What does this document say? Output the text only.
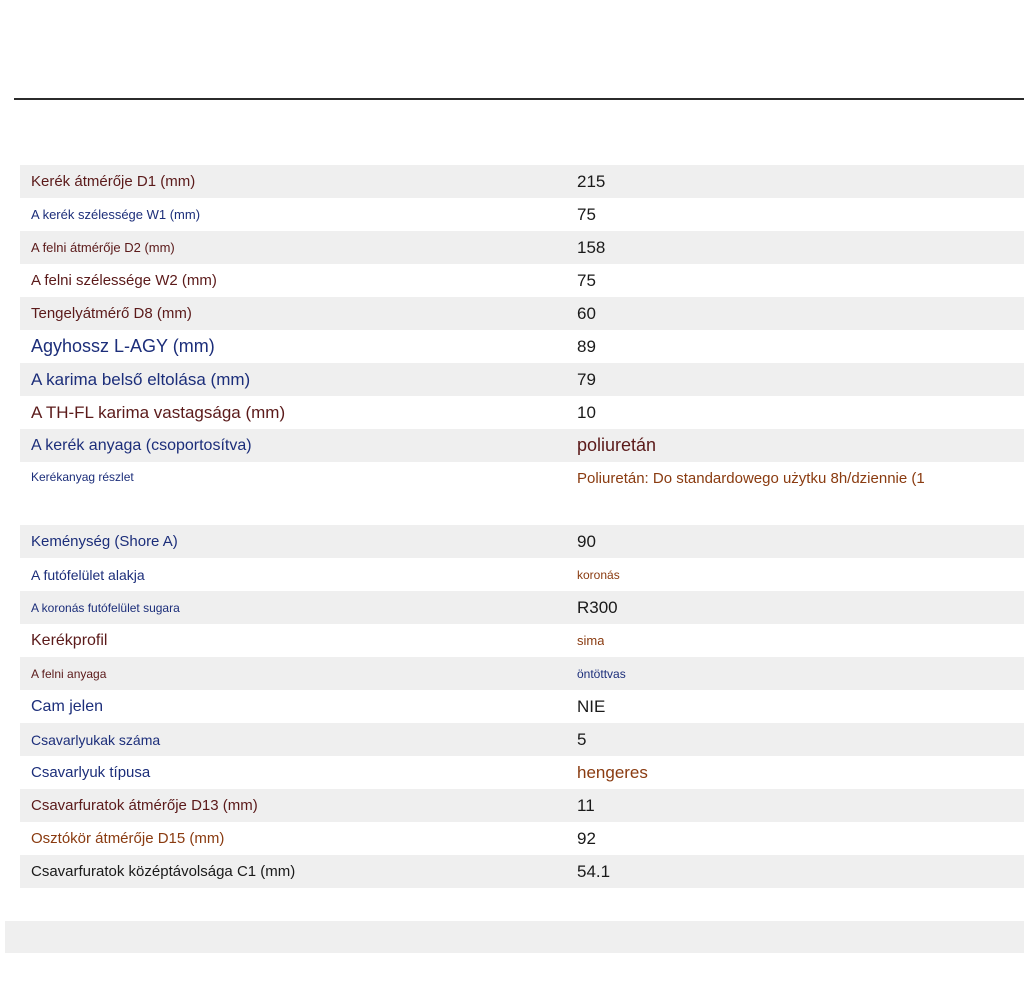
Kerék átmérője D1 (mm)	215
A kerék szélessége W1 (mm)	75
A felni átmérője D2 (mm)	158
A felni szélessége W2 (mm)	75
Tengelyátmérő D8 (mm)	60
Agyhossz L-AGY (mm)	89
A karima belső eltolása (mm)	79
A TH-FL karima vastagsága (mm)	10
A kerék anyaga (csoportosítva)	poliuretán
Kerékanyag részlet	Poliuretán: Do standardowego użytku 8h/dziennie (1
Keménység (Shore A)	90
A futófelület alakja	koronás
A koronás futófelület sugara	R300
Kerékprofil	sima
A felni anyaga	öntöttvas
Cam jelen	NIE
Csavarlyukak száma	5
Csavarlyuk típusa	hengeres
Csavarfuratok átmérője D13 (mm)	11
Osztókör átmérője D15 (mm)	92
Csavarfuratok középtávolsága C1 (mm)	54.1
